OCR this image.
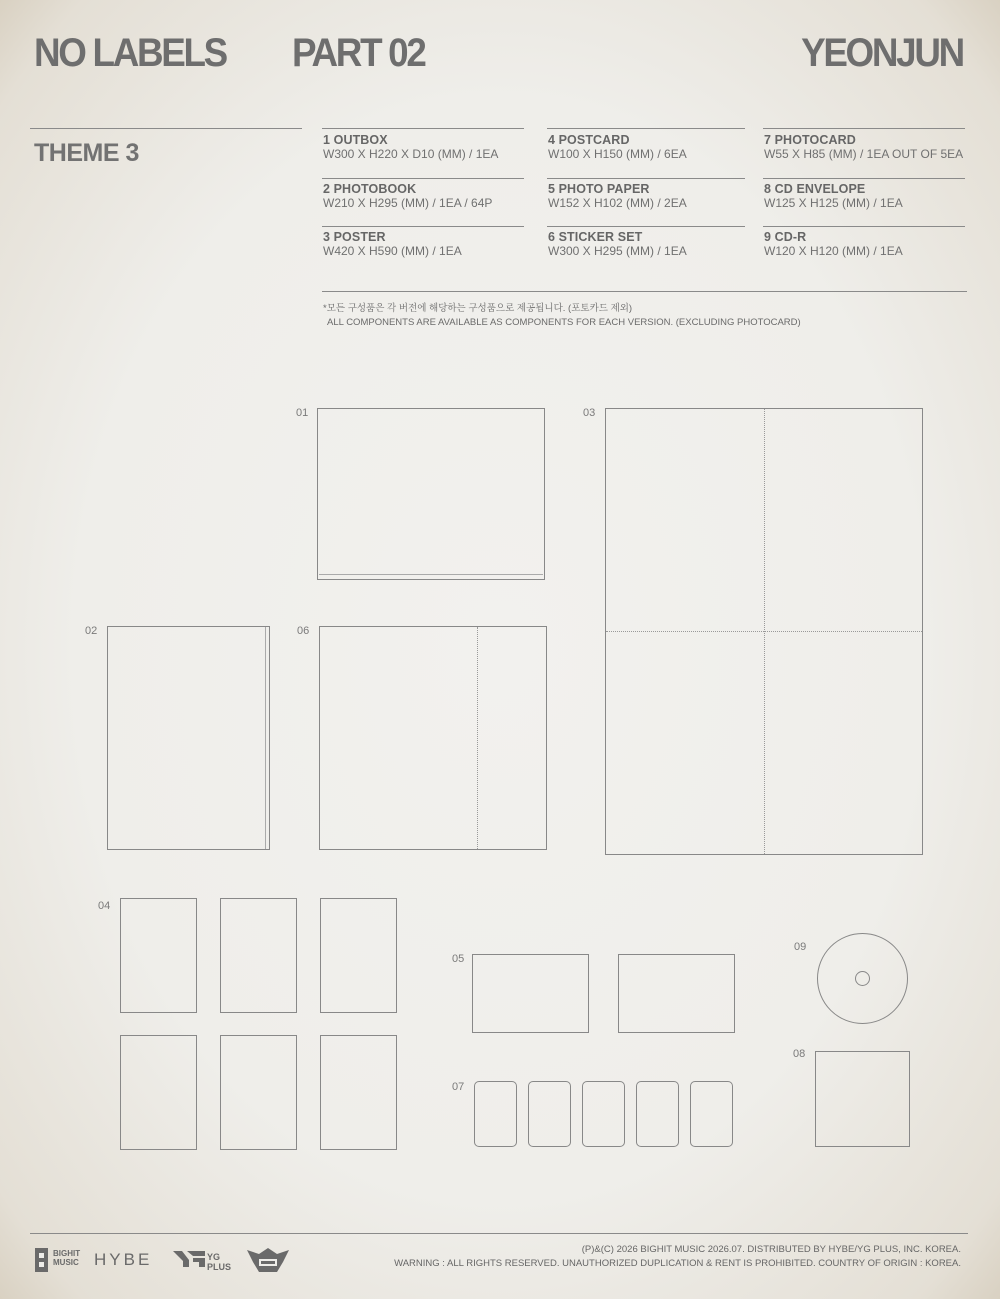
NO LABELS PART 02	YEONJUN
THEME 3	1 OUTBOX
W300 X H220 X D10 (MM) / 1EA
2 PHOTOBOOK
W210 X H295 (MM) / 1EA / 64P
3 POSTER
W420 X H590 (MM) / 1EA
4 POSTCARD
W100 X H150 (MM) / 6EA
5 PHOTO PAPER
W152 X H102 (MM) / 2EA
6 STICKER SET
W300 X H295 (MM) / 1EA
7 PHOTOCARD
W55 X H85 (MM) / 1EA OUT OF 5EA
8 CD ENVELOPE
W125 X H125 (MM) / 1EA
9 CD-R
W120 X H120 (MM) / 1EA
*모든 구성품은 각 버전에 해당하는 구성품으로 제공됩니다. (포토카드 제외)
ALL COMPONENTS ARE AVAILABLE AS COMPONENTS FOR EACH VERSION. (EXCLUDING PHOTOCARD)
01	03
02	06
04
05
07
09
08
BIGHIT MUSIC HYBE	YG PLUS
(P)&(C) 2026 BIGHIT MUSIC 2026.07. DISTRIBUTED BY HYBE/YG PLUS, INC. KOREA.
WARNING : ALL RIGHTS RESERVED. UNAUTHORIZED DUPLICATION & RENT IS PROHIBITED. COUNTRY OF ORIGIN : KOREA.
